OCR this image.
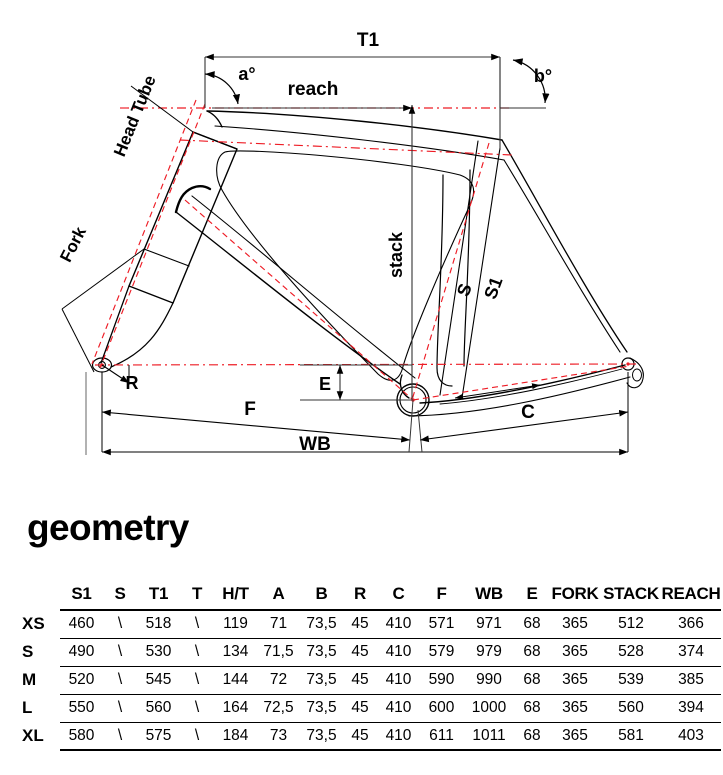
T1
reach
a°	b°
Head Tube
Fork	stack
S S1
R	E
F	C
WB
geometry
	S1	S	T1	T	H/T	A	B	R	C	F	WB	E	FORK	STACK	REACH
XS	460	\	518	\	119	71	73,5	45	410	571	971	68	365	512	366
S	490	\	530	\	134	71,5	73,5	45	410	579	979	68	365	528	374
M	520	\	545	\	144	72	73,5	45	410	590	990	68	365	539	385
L	550	\	560	\	164	72,5	73,5	45	410	600	1000	68	365	560	394
XL	580	\	575	\	184	73	73,5	45	410	611	1011	68	365	581	403
